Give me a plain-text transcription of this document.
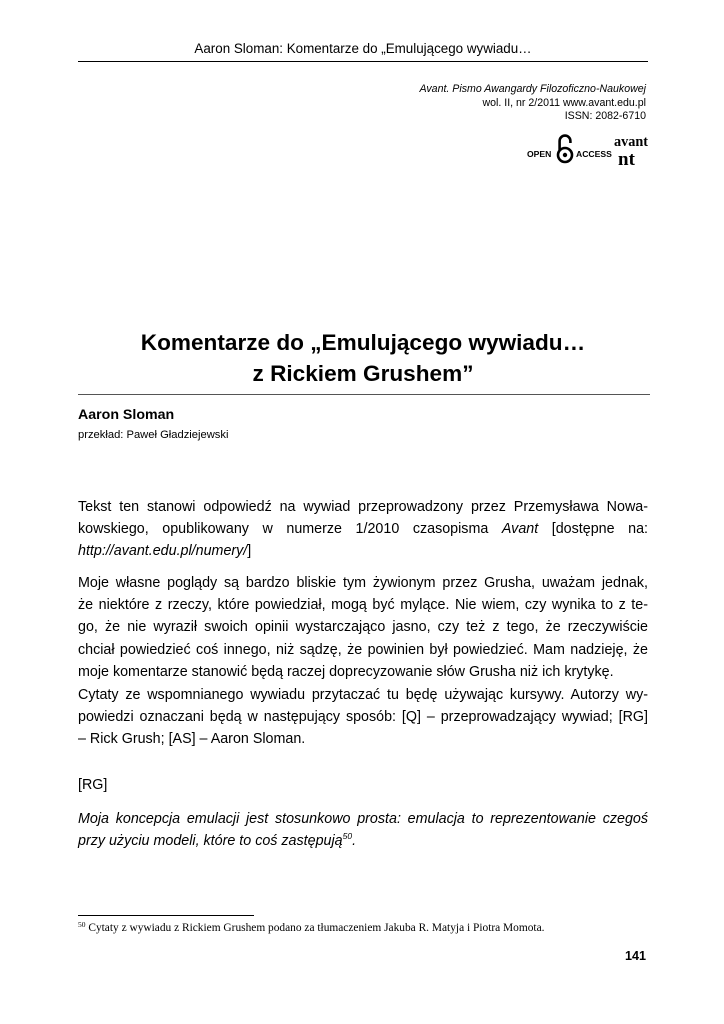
Aaron Sloman: Komentarze do „Emulującego wywiadu…
Avant. Pismo Awangardy Filozoficzno-Naukowej
wol. II, nr 2/2011 www.avant.edu.pl
ISSN: 2082-6710
OPEN	ACCESS
avant
nt
Komentarze do „Emulującego wywiadu…
z Rickiem Grushem”
Aaron Sloman
przekład: Paweł Gładziejewski

Tekst ten stanowi odpowiedź na wywiad przeprowadzony przez Przemysława Nowa-
kowskiego, opublikowany w numerze 1/2010 czasopisma Avant [dostępne na:
http://avant.edu.pl/numery/]

Moje własne poglądy są bardzo bliskie tym żywionym przez Grusha, uważam jednak,
że niektóre z rzeczy, które powiedział, mogą być mylące. Nie wiem, czy wynika to z te-
go, że nie wyraził swoich opinii wystarczająco jasno, czy też z tego, że rzeczywiście
chciał powiedzieć coś innego, niż sądzę, że powinien był powiedzieć. Mam nadzieję, że
moje komentarze stanowić będą raczej doprecyzowanie słów Grusha niż ich krytykę.

Cytaty ze wspomnianego wywiadu przytaczać tu będę używając kursywy. Autorzy wy-
powiedzi oznaczani będą w następujący sposób: [Q] – przeprowadzający wywiad; [RG]
– Rick Grush; [AS] – Aaron Sloman.

[RG]

Moja koncepcja emulacji jest stosunkowo prosta: emulacja to reprezentowanie czegoś
przy użyciu modeli, które to coś zastępują$^{50}$.

$^{50}$ Cytaty z wywiadu z Rickiem Grushem podano za tłumaczeniem Jakuba R. Matyja i Piotra Momota.
141
